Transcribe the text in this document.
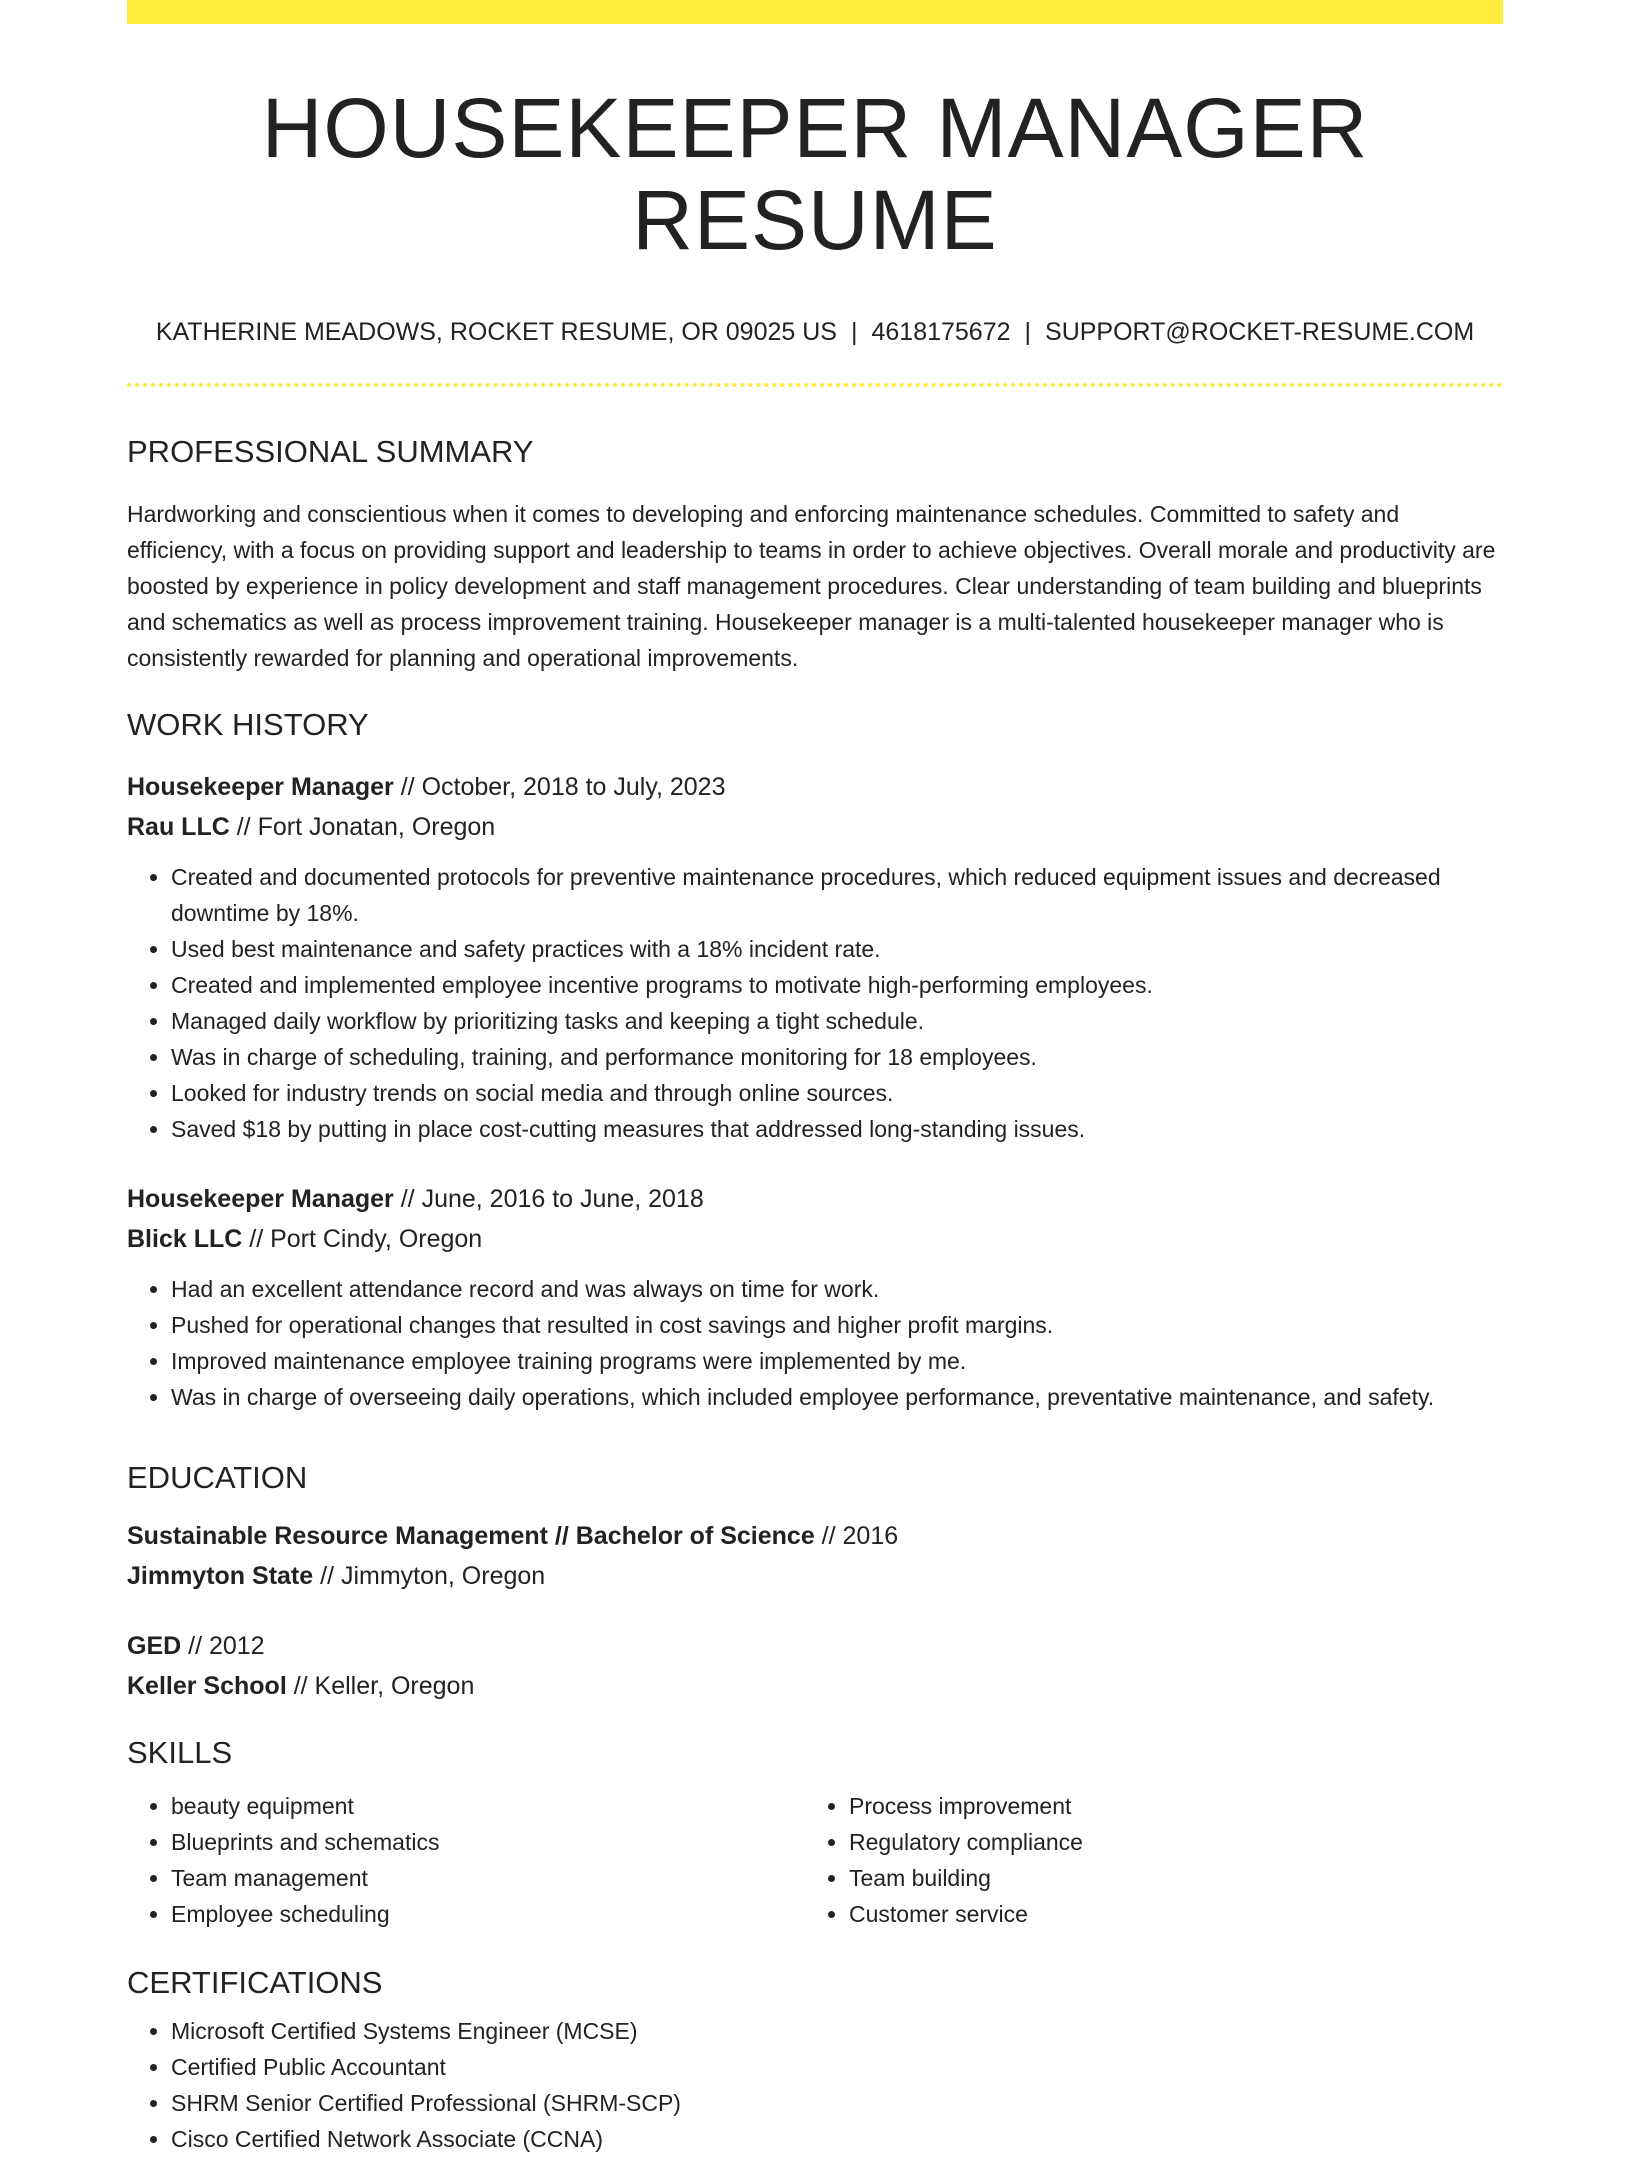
HOUSEKEEPER MANAGER RESUME
KATHERINE MEADOWS, ROCKET RESUME, OR 09025 US | 4618175672 | SUPPORT@ROCKET-RESUME.COM
PROFESSIONAL SUMMARY

Hardworking and conscientious when it comes to developing and enforcing maintenance schedules. Committed to safety and efficiency, with a focus on providing support and leadership to teams in order to achieve objectives. Overall morale and productivity are boosted by experience in policy development and staff management procedures. Clear understanding of team building and blueprints and schematics as well as process improvement training. Housekeeper manager is a multi-talented housekeeper manager who is consistently rewarded for planning and operational improvements.

WORK HISTORY
Housekeeper Manager // October, 2018 to July, 2023
Rau LLC // Fort Jonatan, Oregon
• Created and documented protocols for preventive maintenance procedures, which reduced equipment issues and decreased downtime by 18%.
• Used best maintenance and safety practices with a 18% incident rate.
• Created and implemented employee incentive programs to motivate high-performing employees.
• Managed daily workflow by prioritizing tasks and keeping a tight schedule.
• Was in charge of scheduling, training, and performance monitoring for 18 employees.
• Looked for industry trends on social media and through online sources.
• Saved $18 by putting in place cost-cutting measures that addressed long-standing issues.
Housekeeper Manager // June, 2016 to June, 2018
Blick LLC // Port Cindy, Oregon
• Had an excellent attendance record and was always on time for work.
• Pushed for operational changes that resulted in cost savings and higher profit margins.
• Improved maintenance employee training programs were implemented by me.
• Was in charge of overseeing daily operations, which included employee performance, preventative maintenance, and safety.
EDUCATION
Sustainable Resource Management // Bachelor of Science // 2016
Jimmyton State // Jimmyton, Oregon
GED // 2012
Keller School // Keller, Oregon
SKILLS
• beauty equipment
• Blueprints and schematics
• Team management
• Employee scheduling
• Process improvement
• Regulatory compliance
• Team building
• Customer service
CERTIFICATIONS
• Microsoft Certified Systems Engineer (MCSE)
• Certified Public Accountant
• SHRM Senior Certified Professional (SHRM-SCP)
• Cisco Certified Network Associate (CCNA)
